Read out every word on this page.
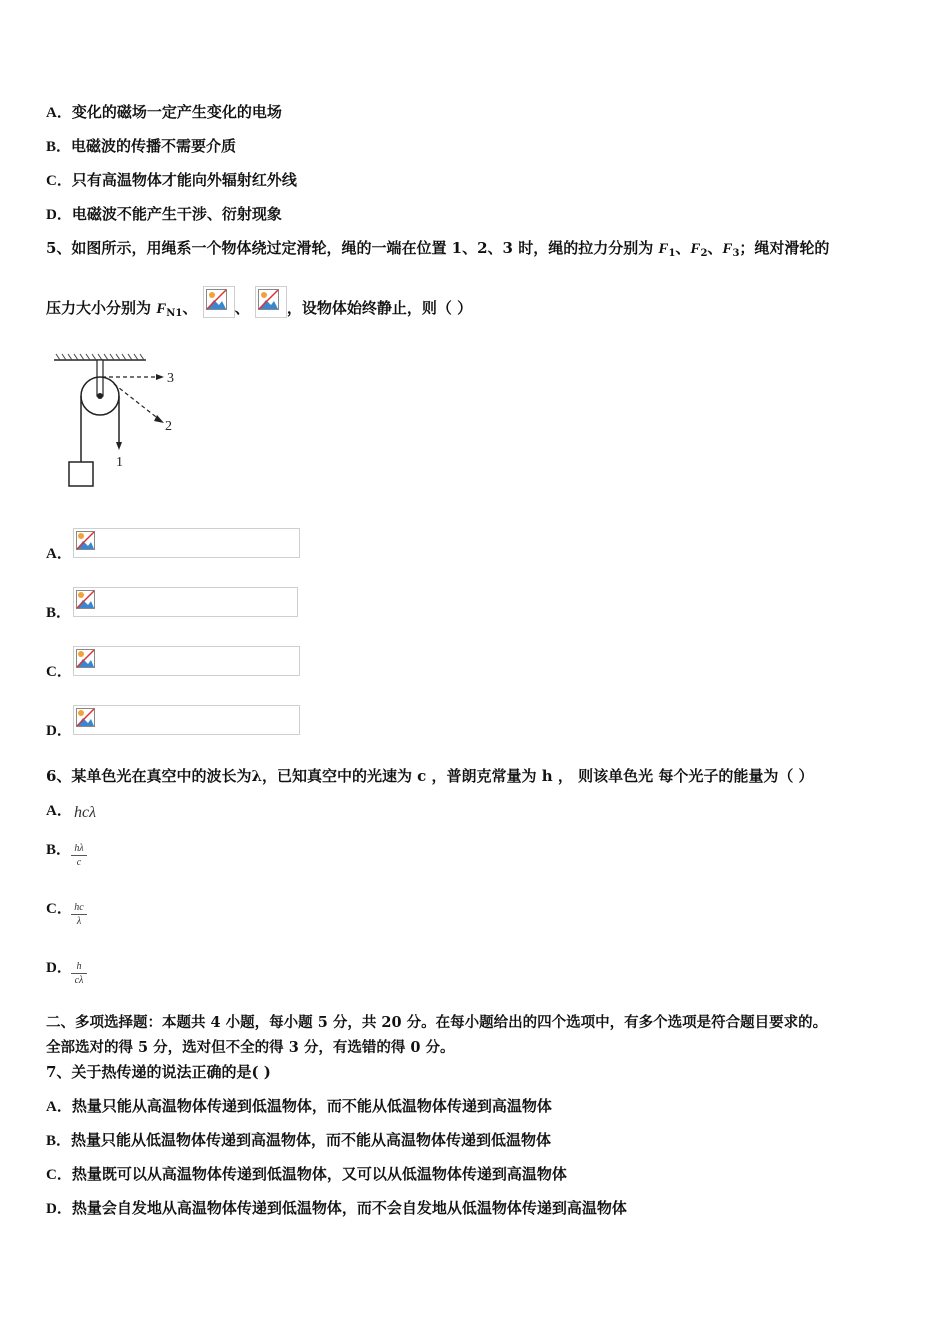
A．变化的磁场一定产生变化的电场
B．电磁波的传播不需要介质
C．只有高温物体才能向外辐射红外线
D．电磁波不能产生干涉、衍射现象
5、如图所示，用绳系一个物体绕过定滑轮，绳的一端在位置 1、2、3 时，绳的拉力分别为 $F_1$、$F_2$、$F_3$；绳对滑轮的
压力大小分别为 $F_{N1}$、 、 ，设物体始终静止，则（ ）
3
2
1
A．
B．
C．
D．
6、某单色光在真空中的波长为λ，已知真空中的光速为 c ，普朗克常量为 h ， 则该单色光 每个光子的能量为（ ）
A． hcλ
B． $\frac{h\lambda}{c}$
C． $\frac{hc}{\lambda}$
D． $\frac{h}{c\lambda}$
二、多项选择题：本题共 4 小题，每小题 5 分，共 20 分。在每小题给出的四个选项中，有多个选项是符合题目要求的。
全部选对的得 5 分，选对但不全的得 3 分，有选错的得 0 分。
7、关于热传递的说法正确的是( )
A．热量只能从高温物体传递到低温物体，而不能从低温物体传递到高温物体
B．热量只能从低温物体传递到高温物体，而不能从高温物体传递到低温物体
C．热量既可以从高温物体传递到低温物体，又可以从低温物体传递到高温物体
D．热量会自发地从高温物体传递到低温物体，而不会自发地从低温物体传递到高温物体
